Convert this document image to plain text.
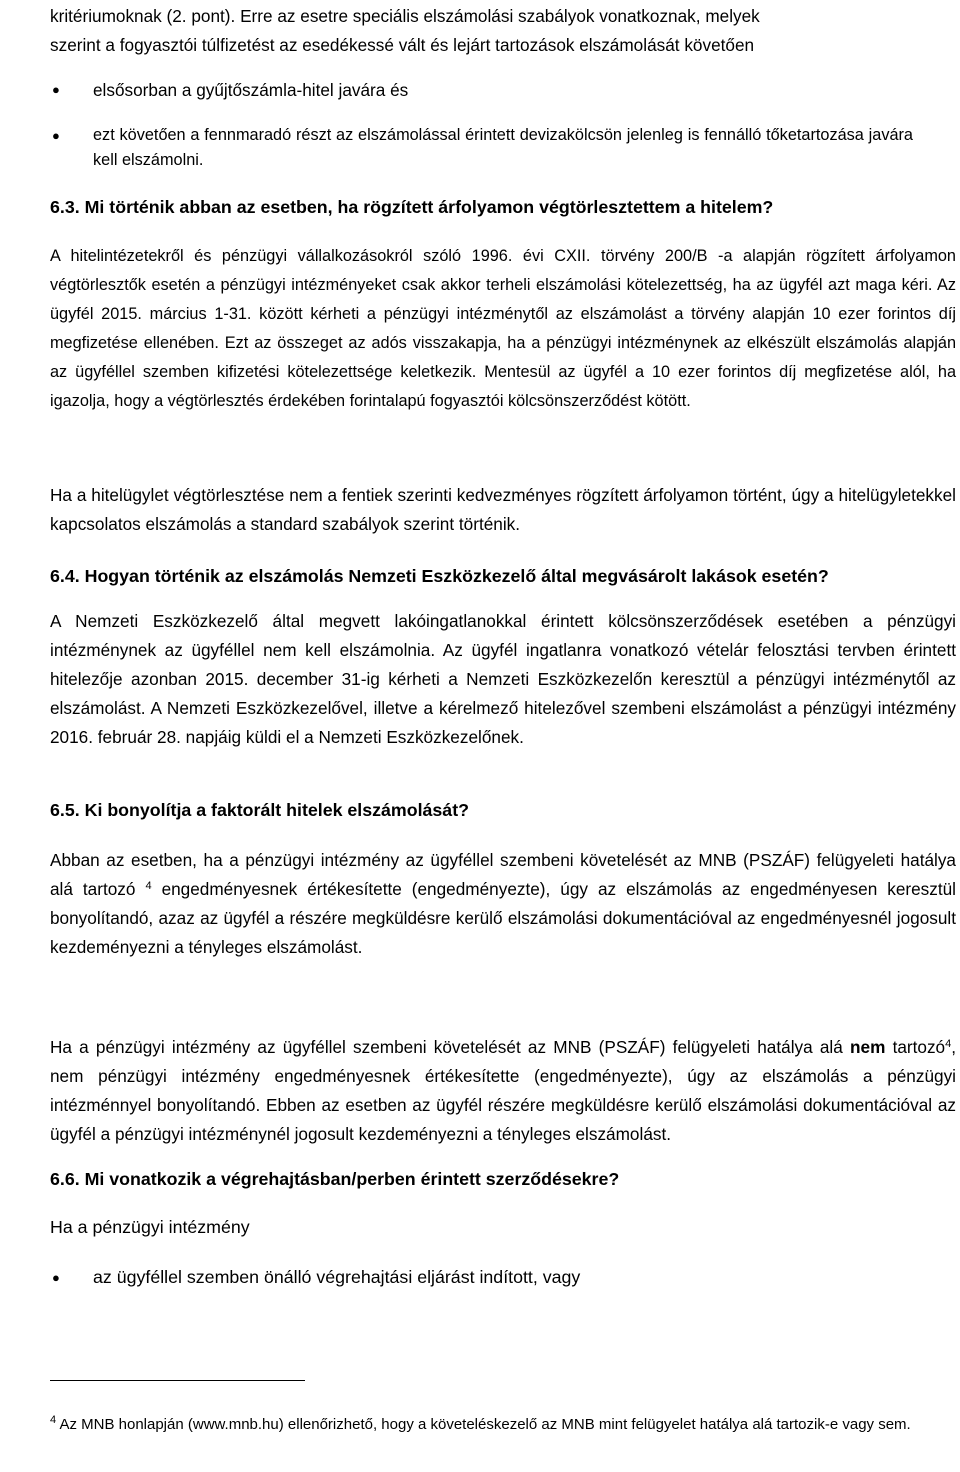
kritériumoknak (2. pont). Erre az esetre speciális elszámolási szabályok vonatkoznak, melyek

szerint a fogyasztói túlfizetést az esedékessé vált és lejárt tartozások elszámolását követően

● elsősorban a gyűjtőszámla-hitel javára és

● ezt követően a fennmaradó részt az elszámolással érintett devizakölcsön jelenleg is fennálló tőketartozása javára kell elszámolni.

6.3. Mi történik abban az esetben, ha rögzített árfolyamon végtörlesztettem a hitelem?

A hitelintézetekről és pénzügyi vállalkozásokról szóló 1996. évi CXII. törvény 200/B -a alapján rögzített árfolyamon végtörlesztők esetén a pénzügyi intézményeket csak akkor terheli elszámolási kötelezettség, ha az ügyfél azt maga kéri. Az ügyfél 2015. március 1-31. között kérheti a pénzügyi intézménytől az elszámolást a törvény alapján 10 ezer forintos díj megfizetése ellenében. Ezt az összeget az adós visszakapja, ha a pénzügyi intézménynek az elkészült elszámolás alapján az ügyféllel szemben kifizetési kötelezettsége keletkezik. Mentesül az ügyfél a 10 ezer forintos díj megfizetése alól, ha igazolja, hogy a végtörlesztés érdekében forintalapú fogyasztói kölcsönszerződést kötött.

Ha a hitelügylet végtörlesztése nem a fentiek szerinti kedvezményes rögzített árfolyamon történt, úgy a hitelügyletekkel kapcsolatos elszámolás a standard szabályok szerint történik.

6.4. Hogyan történik az elszámolás Nemzeti Eszközkezelő által megvásárolt lakások esetén?

A Nemzeti Eszközkezelő által megvett lakóingatlanokkal érintett kölcsönszerződések esetében a pénzügyi intézménynek az ügyféllel nem kell elszámolnia. Az ügyfél ingatlanra vonatkozó vételár felosztási tervben érintett hitelezője azonban 2015. december 31-ig kérheti a Nemzeti Eszközkezelőn keresztül a pénzügyi intézménytől az elszámolást. A Nemzeti Eszközkezelővel, illetve a kérelmező hitelezővel szembeni elszámolást a pénzügyi intézmény 2016. február 28. napjáig küldi el a Nemzeti Eszközkezelőnek.

6.5. Ki bonyolítja a faktorált hitelek elszámolását?

Abban az esetben, ha a pénzügyi intézmény az ügyféllel szembeni követelését az MNB (PSZÁF) felügyeleti hatálya alá tartozó $^4$ engedményesnek értékesítette (engedményezte), úgy az elszámolás az engedményesen keresztül bonyolítandó, azaz az ügyfél a részére megküldésre kerülő elszámolási dokumentációval az engedményesnél jogosult kezdeményezni a tényleges elszámolást.

Ha a pénzügyi intézmény az ügyféllel szembeni követelését az MNB (PSZÁF) felügyeleti hatálya alá nem tartozó$^4$, nem pénzügyi intézmény engedményesnek értékesítette (engedményezte), úgy az elszámolás a pénzügyi intézménnyel bonyolítandó. Ebben az esetben az ügyfél részére megküldésre kerülő elszámolási dokumentációval az ügyfél a pénzügyi intézménynél jogosult kezdeményezni a tényleges elszámolást.

6.6. Mi vonatkozik a végrehajtásban/perben érintett szerződésekre?

Ha a pénzügyi intézmény

● az ügyféllel szemben önálló végrehajtási eljárást indított, vagy

$^4$ Az MNB honlapján (www.mnb.hu) ellenőrizhető, hogy a követeléskezelő az MNB mint felügyelet hatálya alá tartozik-e vagy sem.
